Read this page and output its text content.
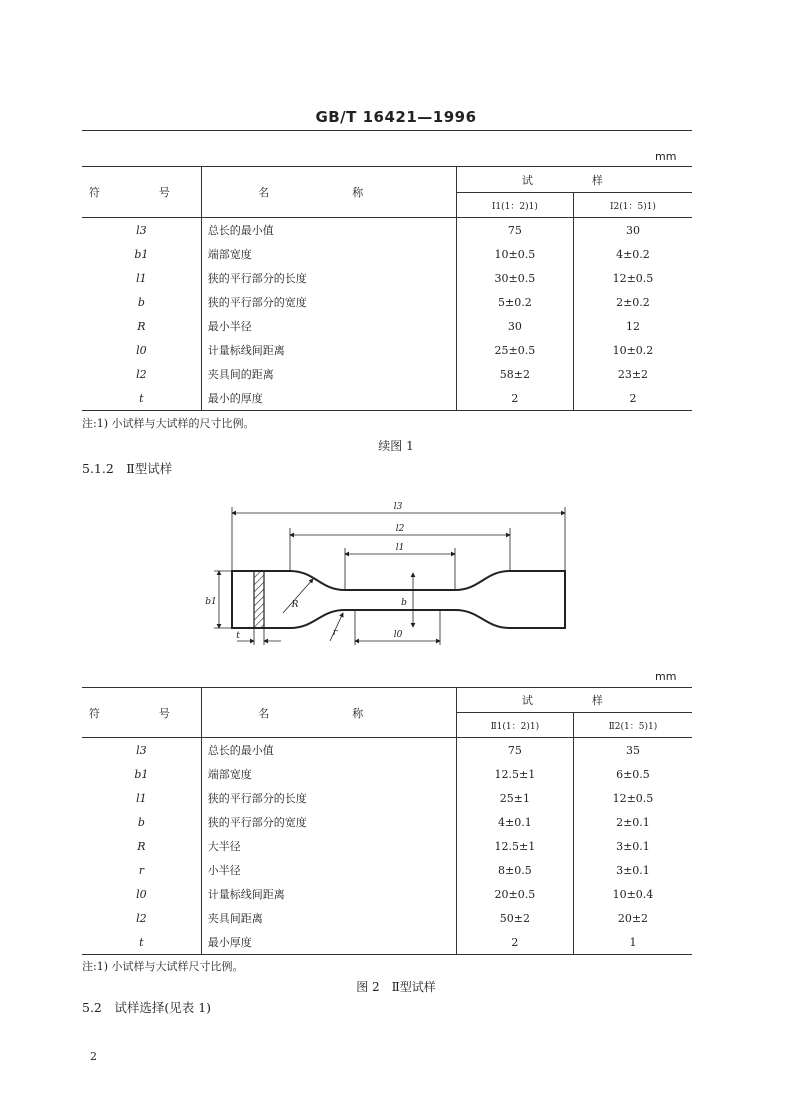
GB/T 16421—1996
mm
符　号	名　称	试　样	
		Ⅰ1(1：2)1)	Ⅰ2(1：5)1)
l3	总长的最小值	75	30
b1	端部宽度	10±0.5	4±0.2
l1	狭的平行部分的长度	30±0.5	12±0.5
b	狭的平行部分的宽度	5±0.2	2±0.2
R	最小半径	30	12
l0	计量标线间距离	25±0.5	10±0.2
l2	夹具间的距离	58±2	23±2
t	最小的厚度	2	2
注:1) 小试样与大试样的尺寸比例。
续图 1
5.1.2　Ⅱ型试样
l3
l2
l1
b1	R	b
r
t	l0
mm
符　号	名　称	试　样	
		Ⅱ1(1：2)1)	Ⅱ2(1：5)1)
l3	总长的最小值	75	35
b1	端部宽度	12.5±1	6±0.5
l1	狭的平行部分的长度	25±1	12±0.5
b	狭的平行部分的宽度	4±0.1	2±0.1
R	大半径	12.5±1	3±0.1
r	小半径	8±0.5	3±0.1
l0	计量标线间距离	20±0.5	10±0.4
l2	夹具间距离	50±2	20±2
t	最小厚度	2	1
注:1) 小试样与大试样尺寸比例。
图 2　Ⅱ型试样
5.2　试样选择(见表 1)
2
